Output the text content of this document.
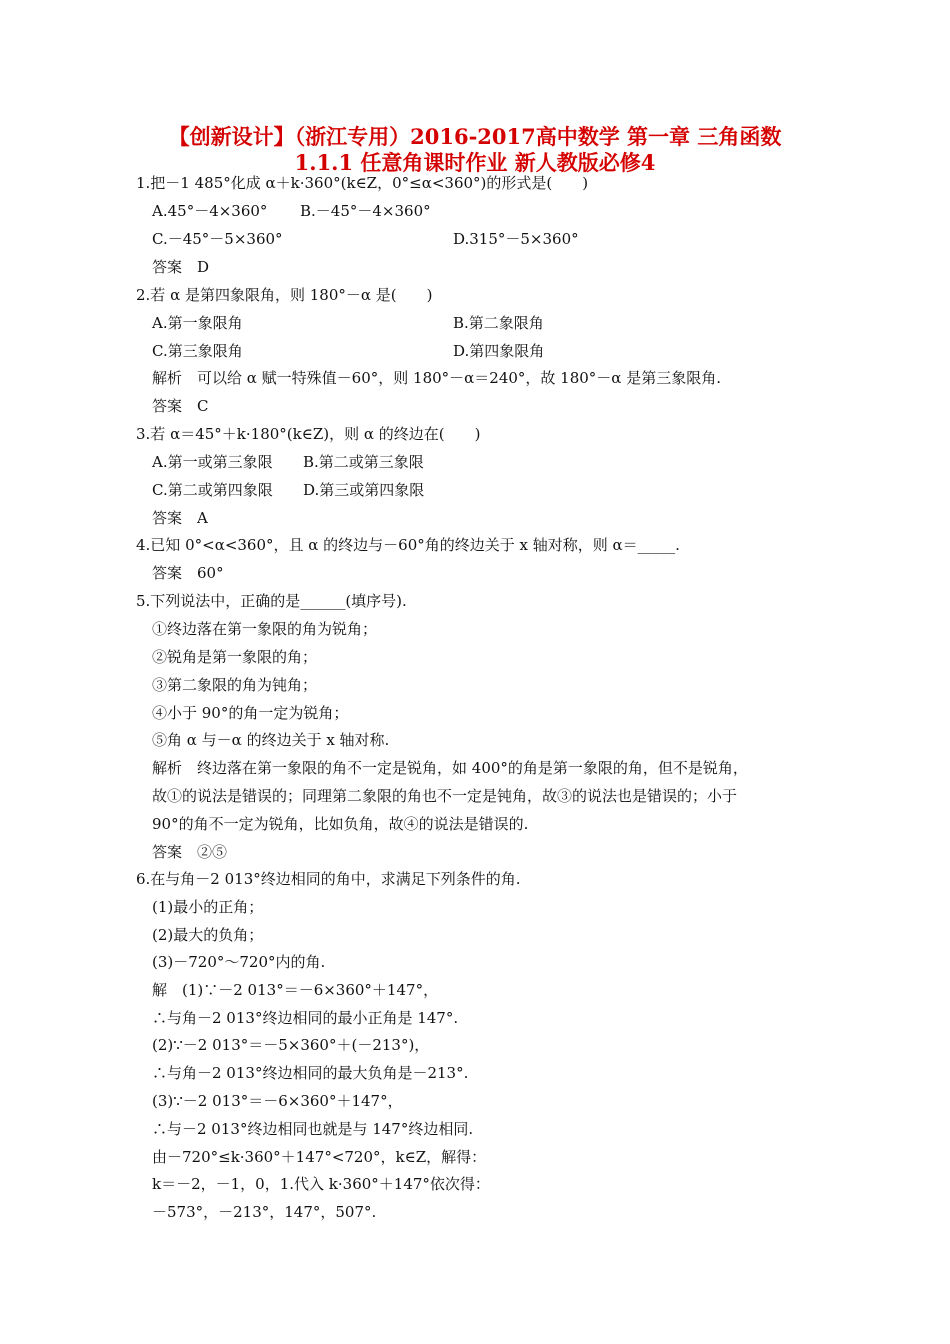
【创新设计】（浙江专用）2016-2017高中数学 第一章 三角函数
1.1.1 任意角课时作业 新人教版必修4
1.把－1 485°化成 α＋k·360°(k∈Z，0°≤α<360°)的形式是(　　)
A.45°－4×360° B.－45°－4×360°
C.－45°－5×360°	D.315°－5×360°
答案　D
2.若 α 是第四象限角，则 180°－α 是(　　)
A.第一象限角	B.第二象限角
C.第三象限角	D.第四象限角
解析　可以给 α 赋一特殊值－60°，则 180°－α＝240°，故 180°－α 是第三象限角.
答案　C
3.若 α＝45°＋k·180°(k∈Z)，则 α 的终边在(　　)
A.第一或第三象限 B.第二或第三象限
C.第二或第四象限 D.第三或第四象限
答案　A
4.已知 0°<α<360°，且 α 的终边与－60°角的终边关于 x 轴对称，则 α＝_____.
答案　60°
5.下列说法中，正确的是______(填序号).
①终边落在第一象限的角为锐角；
②锐角是第一象限的角；
③第二象限的角为钝角；
④小于 90°的角一定为锐角；
⑤角 α 与－α 的终边关于 x 轴对称.
解析　终边落在第一象限的角不一定是锐角，如 400°的角是第一象限的角，但不是锐角，
故①的说法是错误的；同理第二象限的角也不一定是钝角，故③的说法也是错误的；小于
90°的角不一定为锐角，比如负角，故④的说法是错误的.
答案　②⑤
6.在与角－2 013°终边相同的角中，求满足下列条件的角.
(1)最小的正角；
(2)最大的负角；
(3)－720°～720°内的角.
解　(1)∵－2 013°＝－6×360°＋147°，
∴与角－2 013°终边相同的最小正角是 147°.
(2)∵－2 013°＝－5×360°＋(－213°)，
∴与角－2 013°终边相同的最大负角是－213°.
(3)∵－2 013°＝－6×360°＋147°，
∴与－2 013°终边相同也就是与 147°终边相同.
由－720°≤k·360°＋147°<720°，k∈Z，解得：
k＝－2，－1，0，1.代入 k·360°＋147°依次得：
－573°，－213°，147°，507°.
